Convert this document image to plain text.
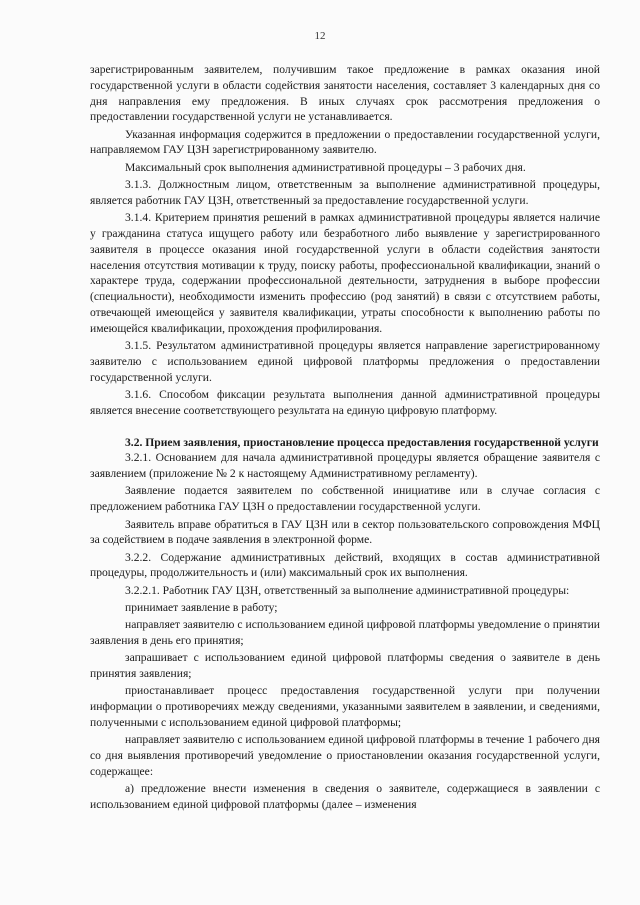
12

зарегистрированным заявителем, получившим такое предложение в рамках оказания иной государственной услуги в области содействия занятости населения, составляет 3 календарных дня со дня направления ему предложения. В иных случаях срок рассмотрения предложения о предоставлении государственной услуги не устанавливается.

Указанная информация содержится в предложении о предоставлении государственной услуги, направляемом ГАУ ЦЗН зарегистрированному заявителю.

Максимальный срок выполнения административной процедуры – 3 рабочих дня.

3.1.3. Должностным лицом, ответственным за выполнение административной процедуры, является работник ГАУ ЦЗН, ответственный за предоставление государственной услуги.

3.1.4. Критерием принятия решений в рамках административной процедуры является наличие у гражданина статуса ищущего работу или безработного либо выявление у зарегистрированного заявителя в процессе оказания иной государственной услуги в области содействия занятости населения отсутствия мотивации к труду, поиску работы, профессиональной квалификации, знаний о характере труда, содержании профессиональной деятельности, затруднения в выборе профессии (специальности), необходимости изменить профессию (род занятий) в связи с отсутствием работы, отвечающей имеющейся у заявителя квалификации, утраты способности к выполнению работы по имеющейся квалификации, прохождения профилирования.

3.1.5. Результатом административной процедуры является направление зарегистрированному заявителю с использованием единой цифровой платформы предложения о предоставлении государственной услуги.

3.1.6. Способом фиксации результата выполнения данной административной процедуры является внесение соответствующего результата на единую цифровую платформу.

3.2. Прием заявления, приостановление процесса предоставления государственной услуги

3.2.1. Основанием для начала административной процедуры является обращение заявителя с заявлением (приложение № 2 к настоящему Административному регламенту).

Заявление подается заявителем по собственной инициативе или в случае согласия с предложением работника ГАУ ЦЗН о предоставлении государственной услуги.

Заявитель вправе обратиться в ГАУ ЦЗН или в сектор пользовательского сопровождения МФЦ за содействием в подаче заявления в электронной форме.

3.2.2. Содержание административных действий, входящих в состав административной процедуры, продолжительность и (или) максимальный срок их выполнения.

3.2.2.1. Работник ГАУ ЦЗН, ответственный за выполнение административной процедуры:

принимает заявление в работу;

направляет заявителю с использованием единой цифровой платформы уведомление о принятии заявления в день его принятия;

запрашивает с использованием единой цифровой платформы сведения о заявителе в день принятия заявления;

приостанавливает процесс предоставления государственной услуги при получении информации о противоречиях между сведениями, указанными заявителем в заявлении, и сведениями, полученными с использованием единой цифровой платформы;

направляет заявителю с использованием единой цифровой платформы в течение 1 рабочего дня со дня выявления противоречий уведомление о приостановлении оказания государственной услуги, содержащее:

а) предложение внести изменения в сведения о заявителе, содержащиеся в заявлении с использованием единой цифровой платформы (далее – изменения
